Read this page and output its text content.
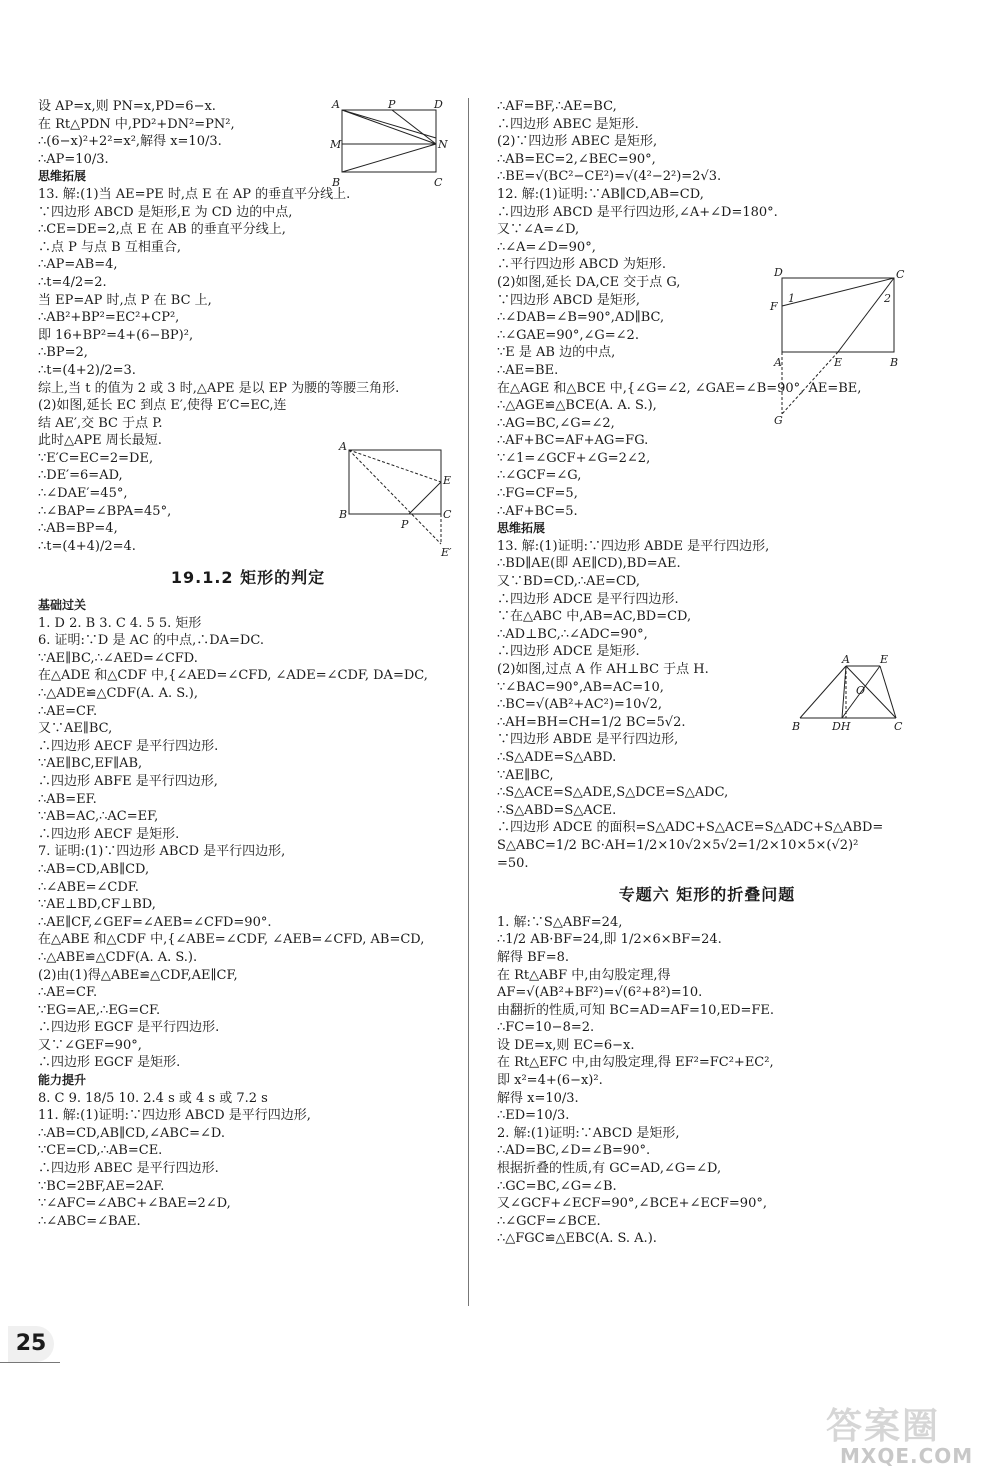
设 AP=x,则 PN=x,PD=6−x.
在 Rt△PDN 中,PD²+DN²=PN²,
∴(6−x)²+2²=x²,解得 x=10/3.
∴AP=10/3.
思维拓展
13. 解:(1)当 AE=PE 时,点 E 在 AP 的垂直平分线上.
∵四边形 ABCD 是矩形,E 为 CD 边的中点,
∴CE=DE=2,点 E 在 AB 的垂直平分线上,
∴点 P 与点 B 互相重合,
∴AP=AB=4,
∴t=4/2=2.
当 EP=AP 时,点 P 在 BC 上,
∴AB²+BP²=EC²+CP²,
即 16+BP²=4+(6−BP)²,
∴BP=2,
∴t=(4+2)/2=3.
综上,当 t 的值为 2 或 3 时,△APE 是以 EP 为腰的等腰三角形.
(2)如图,延长 EC 到点 E′,使得 E′C=EC,连
结 AE′,交 BC 于点 P.
此时△APE 周长最短.
∵E′C=EC=2=DE,
∴DE′=6=AD,
∴∠DAE′=45°,
∴∠BAP=∠BPA=45°,
∴AB=BP=4,
∴t=(4+4)/2=4.
19.1.2 矩形的判定
基础过关
1. D 2. B 3. C 4. 5 5. 矩形
6. 证明:∵D 是 AC 的中点,∴DA=DC.
∵AE∥BC,∴∠AED=∠CFD.
在△ADE 和△CDF 中,{∠AED=∠CFD, ∠ADE=∠CDF, DA=DC,
∴△ADE≌△CDF(A. A. S.),
∴AE=CF.
又∵AE∥BC,
∴四边形 AECF 是平行四边形.
∵AE∥BC,EF∥AB,
∴四边形 ABFE 是平行四边形,
∴AB=EF.
∵AB=AC,∴AC=EF,
∴四边形 AECF 是矩形.
7. 证明:(1)∵四边形 ABCD 是平行四边形,
∴AB=CD,AB∥CD,
∴∠ABE=∠CDF.
∵AE⊥BD,CF⊥BD,
∴AE∥CF,∠GEF=∠AEB=∠CFD=90°.
在△ABE 和△CDF 中,{∠ABE=∠CDF, ∠AEB=∠CFD, AB=CD,
∴△ABE≌△CDF(A. A. S.).
(2)由(1)得△ABE≌△CDF,AE∥CF,
∴AE=CF.
∵EG=AE,∴EG=CF.
∴四边形 EGCF 是平行四边形.
又∵∠GEF=90°,
∴四边形 EGCF 是矩形.
能力提升
8. C 9. 18/5 10. 2.4 s 或 4 s 或 7.2 s
11. 解:(1)证明:∵四边形 ABCD 是平行四边形,
∴AB=CD,AB∥CD,∠ABC=∠D.
∵CE=CD,∴AB=CE.
∴四边形 ABEC 是平行四边形.
∵BC=2BF,AE=2AF.
∵∠AFC=∠ABC+∠BAE=2∠D,
∴∠ABC=∠BAE.
∴AF=BF,∴AE=BC,
∴四边形 ABEC 是矩形.
(2)∵四边形 ABEC 是矩形,
∴AB=EC=2,∠BEC=90°,
∴BE=√(BC²−CE²)=√(4²−2²)=2√3.
12. 解:(1)证明:∵AB∥CD,AB=CD,
∴四边形 ABCD 是平行四边形,∠A+∠D=180°.
又∵∠A=∠D,
∴∠A=∠D=90°,
∴平行四边形 ABCD 为矩形.
(2)如图,延长 DA,CE 交于点 G,
∵四边形 ABCD 是矩形,
∴∠DAB=∠B=90°,AD∥BC,
∴∠GAE=90°,∠G=∠2.
∵E 是 AB 边的中点,
∴AE=BE.
在△AGE 和△BCE 中,{∠G=∠2, ∠GAE=∠B=90°, AE=BE,
∴△AGE≌△BCE(A. A. S.),
∴AG=BC,∠G=∠2,
∴AF+BC=AF+AG=FG.
∵∠1=∠GCF+∠G=2∠2,
∴∠GCF=∠G,
∴FG=CF=5,
∴AF+BC=5.
思维拓展
13. 解:(1)证明:∵四边形 ABDE 是平行四边形,
∴BD∥AE(即 AE∥CD),BD=AE.
又∵BD=CD,∴AE=CD,
∴四边形 ADCE 是平行四边形.
∵在△ABC 中,AB=AC,BD=CD,
∴AD⊥BC,∴∠ADC=90°,
∴四边形 ADCE 是矩形.
(2)如图,过点 A 作 AH⊥BC 于点 H.
∵∠BAC=90°,AB=AC=10,
∴BC=√(AB²+AC²)=10√2,
∴AH=BH=CH=1/2 BC=5√2.
∵四边形 ABDE 是平行四边形,
∴S△ADE=S△ABD.
∵AE∥BC,
∴S△ACE=S△ADE,S△DCE=S△ADC,
∴S△ABD=S△ACE.
∴四边形 ADCE 的面积=S△ADC+S△ACE=S△ADC+S△ABD=
S△ABC=1/2 BC·AH=1/2×10√2×5√2=1/2×10×5×(√2)²
=50.
专题六 矩形的折叠问题
1. 解:∵S△ABF=24,
∴1/2 AB·BF=24,即 1/2×6×BF=24.
解得 BF=8.
在 Rt△ABF 中,由勾股定理,得
AF=√(AB²+BF²)=√(6²+8²)=10.
由翻折的性质,可知 BC=AD=AF=10,ED=FE.
∴FC=10−8=2.
设 DE=x,则 EC=6−x.
在 Rt△EFC 中,由勾股定理,得 EF²=FC²+EC²,
即 x²=4+(6−x)².
解得 x=10/3.
∴ED=10/3.
2. 解:(1)证明:∵ABCD 是矩形,
∴AD=BC,∠D=∠B=90°.
根据折叠的性质,有 GC=AD,∠G=∠D,
∴GC=BC,∠G=∠B.
又∠GCF+∠ECF=90°,∠BCE+∠ECF=90°,
∴∠GCF=∠BCE.
∴△FGC≌△EBC(A. S. A.).
A	P	D
M	N
B	C
A
E
B
P
C
E′
D	C
1	2
F
A	E	B
G
A	E
O
B	DH	C
25
答案圈
MXQE.COM
